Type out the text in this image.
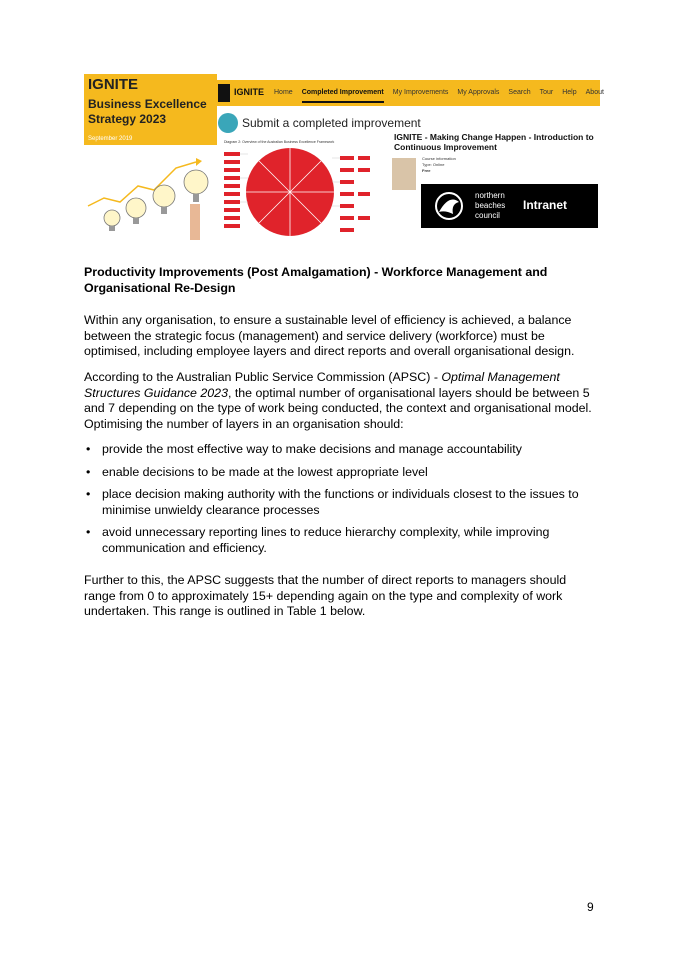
IGNITE
Business Excellence Strategy 2023
September 2019
IGNITE Home Completed Improvement My Improvements My Approvals Search Tour Help About
Submit a completed improvement
Diagram 2: Overview of the Australian Business Excellence Framework	IGNITE - Making Change Happen - Introduction to Continuous Improvement
Course information
Type: Online
Free
northern beaches council
Intranet
Productivity Improvements (Post Amalgamation) - Workforce Management and Organisational Re-Design

Within any organisation, to ensure a sustainable level of efficiency is achieved, a balance between the strategic focus (management) and service delivery (workforce) must be optimised, including employee layers and direct reports and overall organisational design.

According to the Australian Public Service Commission (APSC) - Optimal Management Structures Guidance 2023, the optimal number of organisational layers should be between 5 and 7 depending on the type of work being conducted, the context and organisational model. Optimising the number of layers in an organisation should:

• provide the most effective way to make decisions and manage accountability
• enable decisions to be made at the lowest appropriate level
• place decision making authority with the functions or individuals closest to the issues to minimise unwieldy clearance processes
• avoid unnecessary reporting lines to reduce hierarchy complexity, while improving communication and efficiency.

Further to this, the APSC suggests that the number of direct reports to managers should range from 0 to approximately 15+ depending again on the type and complexity of work undertaken. This range is outlined in Table 1 below.

9
